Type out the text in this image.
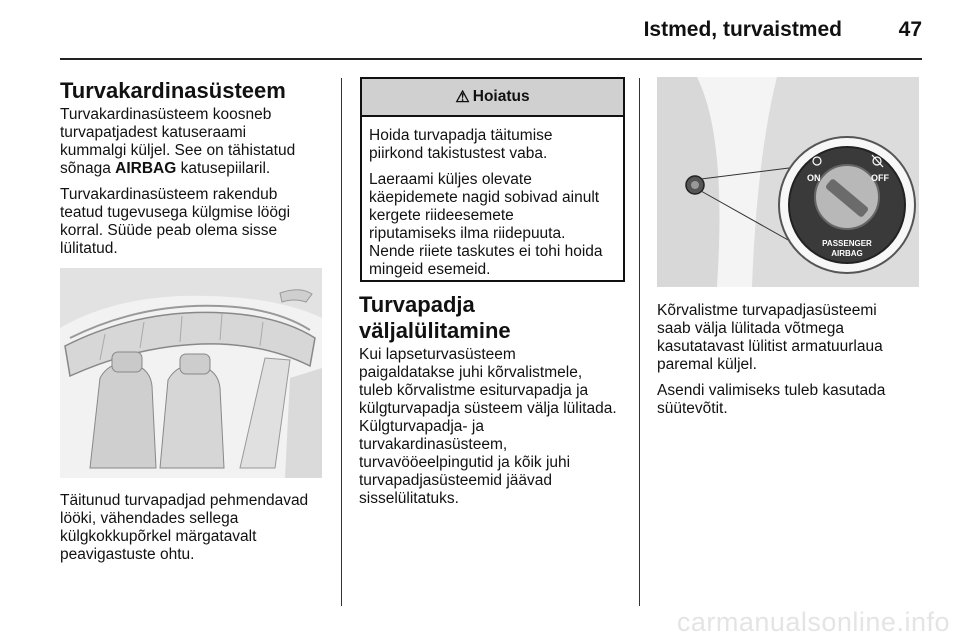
Istmed, turvaistmed	47
Turvakardinasüsteem

Turvakardinasüsteem koosneb
turvapatjadest katuseraami
kummalgi küljel. See on tähistatud
sõnaga AIRBAG katusepiilaril.

Turvakardinasüsteem rakendub
teatud tugevusega külgmise löögi
korral. Süüde peab olema sisse
lülitatud.

Täitunud turvapadjad pehmendavad
lööki, vähendades sellega
külgkokkupõrkel märgatavalt
peavigastuste ohtu.

⚠ Hoiatus

Hoida turvapadja täitumise
piirkond takistustest vaba.

Laeraami küljes olevate
käepidemete nagid sobivad ainult
kergete riideesemete
riputamiseks ilma riidepuuta.
Nende riiete taskutes ei tohi hoida
mingeid esemeid.

Turvapadja väljalülitamine

Kui lapseturvasüsteem
paigaldatakse juhi kõrvalistmele,
tuleb kõrvalistme esiturvapadja ja
külgturvapadja süsteem välja lülitada.
Külgturvapadja- ja
turvakardinasüsteem,
turvavööeelpingutid ja kõik juhi
turvapadjasüsteemid jäävad
sisselülitatuks.

ON	OFF
PASSENGER
AIRBAG

Kõrvalistme turvapadjasüsteemi
saab välja lülitada võtmega
kasutatavast lülitist armatuurlaua
paremal küljel.

Asendi valimiseks tuleb kasutada
süütevõtit.

carmanualsonline.info
